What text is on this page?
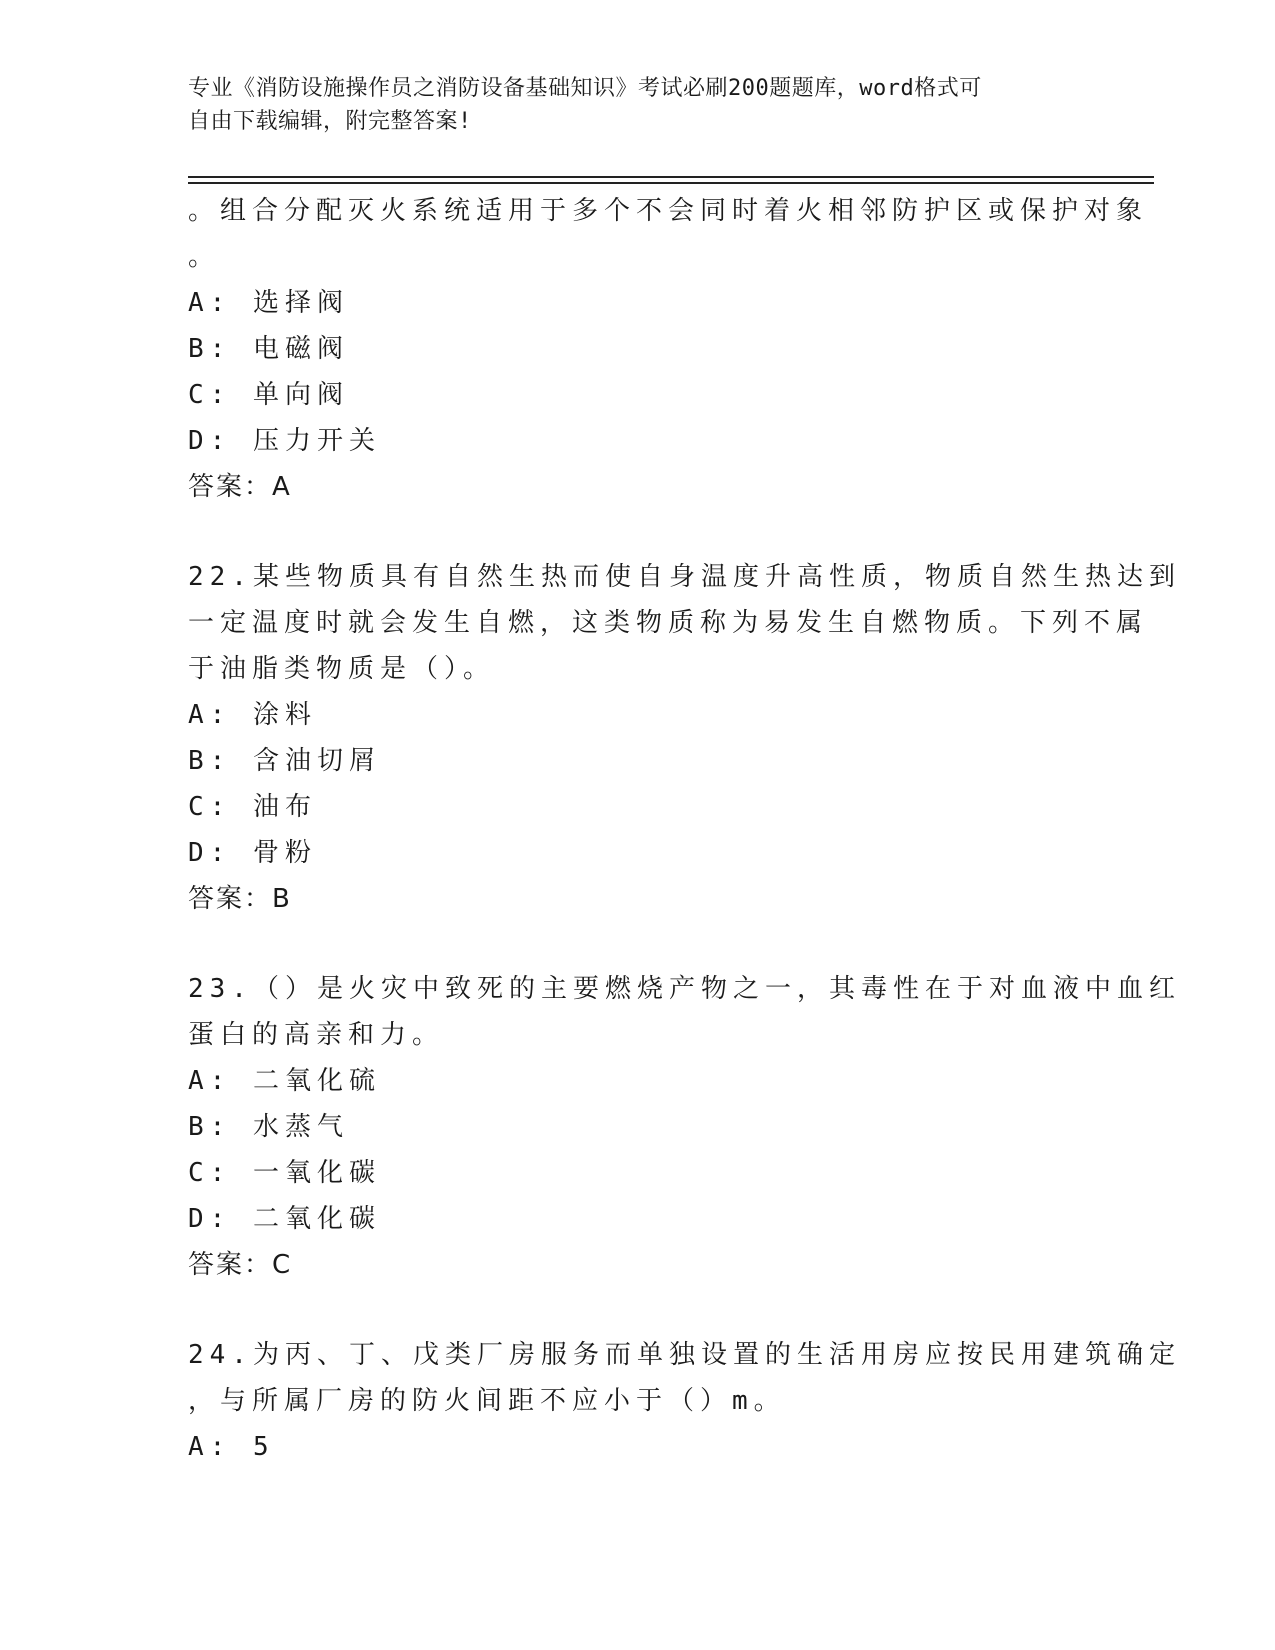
专业《消防设施操作员之消防设备基础知识》考试必刷200题题库，word格式可
自由下载编辑，附完整答案!
。组合分配灭火系统适用于多个不会同时着火相邻防护区或保护对象
。
A: 选择阀
B: 电磁阀
C: 单向阀
D: 压力开关
答案：A
22.某些物质具有自然生热而使自身温度升高性质，物质自然生热达到
一定温度时就会发生自燃，这类物质称为易发生自燃物质。下列不属
于油脂类物质是（）。
A: 涂料
B: 含油切屑
C: 油布
D: 骨粉
答案：B
23.（）是火灾中致死的主要燃烧产物之一，其毒性在于对血液中血红
蛋白的高亲和力。
A: 二氧化硫
B: 水蒸气
C: 一氧化碳
D: 二氧化碳
答案：C
24.为丙、丁、戊类厂房服务而单独设置的生活用房应按民用建筑确定
，与所属厂房的防火间距不应小于（）m。
A: 5
